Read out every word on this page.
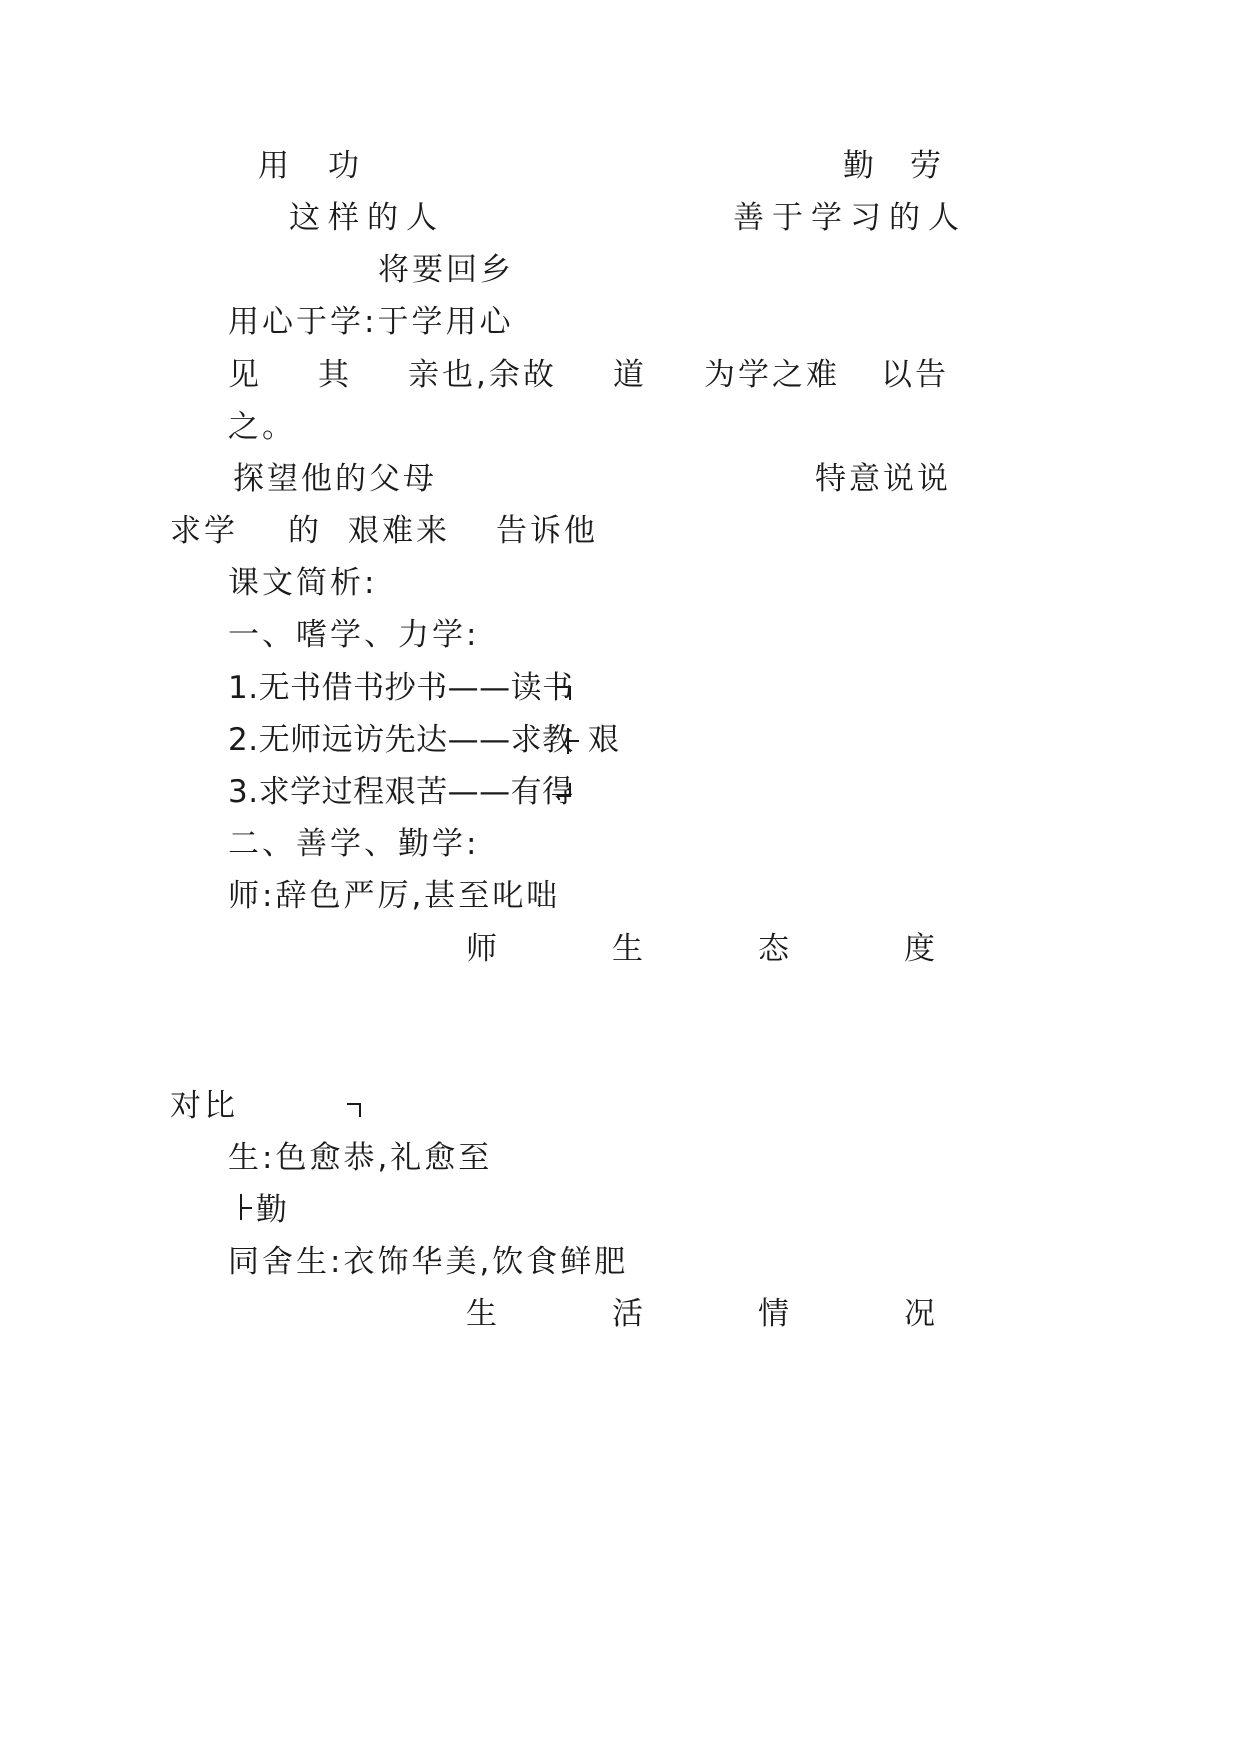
用 功	勤 劳
这样的人	善于学习的人
将要回乡
用心于学:于学用心
见 其 亲也,余故 道 为学之难 以告
之。
探望他的父母	特意说说
求学 的 艰难来 告诉他
课文简析:
一、嗜学、力学:
1.无书借书抄书——读书
2.无师远访先达——求教 艰
3.求学过程艰苦——有得
二、善学、勤学:
师:辞色严厉,甚至叱咄
师	生	态	度
对比
生:色愈恭,礼愈至
勤
同舍生:衣饰华美,饮食鲜肥
生	活	情	况
